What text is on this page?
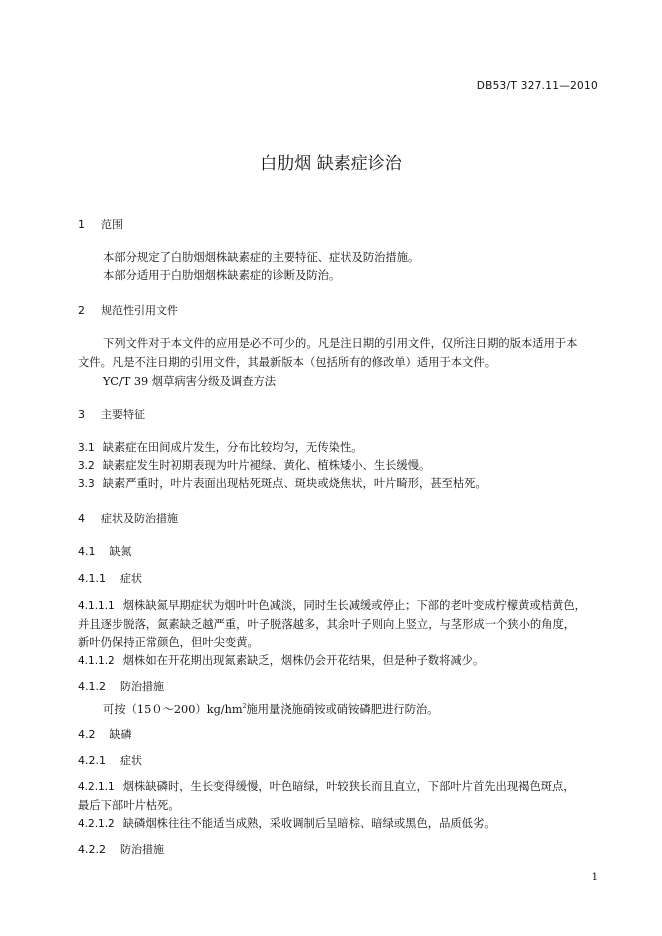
DB53/T 327.11—2010
白肋烟 缺素症诊治
1 范围
本部分规定了白肋烟烟株缺素症的主要特征、症状及防治措施。
本部分适用于白肋烟烟株缺素症的诊断及防治。
2 规范性引用文件
下列文件对于本文件的应用是必不可少的。凡是注日期的引用文件，仅所注日期的版本适用于本
文件。凡是不注日期的引用文件，其最新版本（包括所有的修改单）适用于本文件。
YC/T 39 烟草病害分级及调查方法
3 主要特征
3.1 缺素症在田间成片发生，分布比较均匀，无传染性。
3.2 缺素症发生时初期表现为叶片褪绿、黄化、植株矮小、生长缓慢。
3.3 缺素严重时，叶片表面出现枯死斑点、斑块或烧焦状，叶片畸形，甚至枯死。
4 症状及防治措施
4.1 缺氮
4.1.1 症状
4.1.1.1 烟株缺氮早期症状为烟叶叶色减淡，同时生长减缓或停止；下部的老叶变成柠檬黄或桔黄色，
并且逐步脱落，氮素缺乏越严重，叶子脱落越多，其余叶子则向上竖立，与茎形成一个狭小的角度，
新叶仍保持正常颜色，但叶尖变黄。
4.1.1.2 烟株如在开花期出现氮素缺乏，烟株仍会开花结果，但是种子数将减少。
4.1.2 防治措施
可按$(150\sim 200)kg/hm^2$施用量浇施硝铵或硝铵磷肥进行防治。
4.2 缺磷
4.2.1 症状
4.2.1.1 烟株缺磷时，生长变得缓慢，叶色暗绿，叶较狭长而且直立，下部叶片首先出现褐色斑点，
最后下部叶片枯死。
4.2.1.2 缺磷烟株往往不能适当成熟，采收调制后呈暗棕、暗绿或黑色，品质低劣。
4.2.2 防治措施
1
